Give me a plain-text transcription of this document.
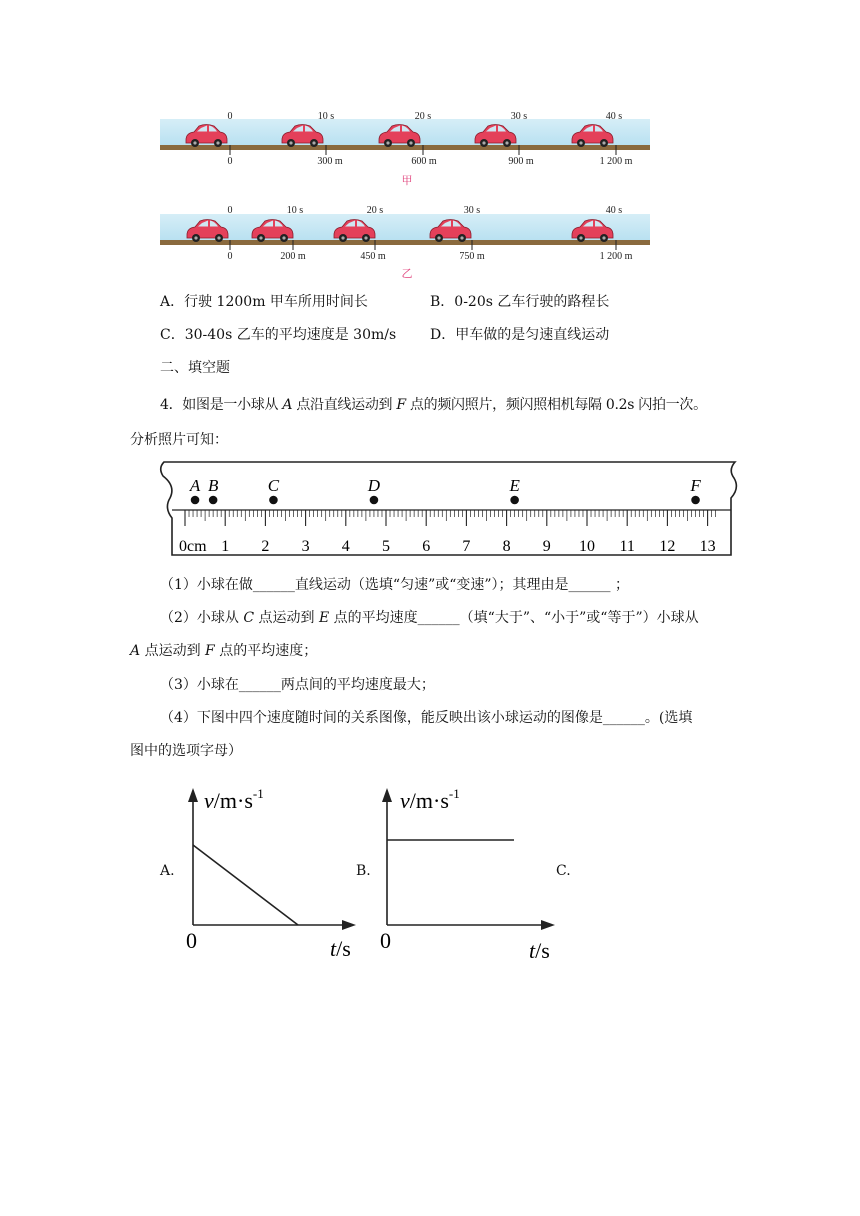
0	10 s	20 s	30 s	40 s
0	300 m	600 m	900 m	1 200 m
甲
0	10 s	20 s	30 s	40 s
0	200 m	450 m	750 m	1 200 m
乙
A．行驶 1200m 甲车所用时间长	B．0-20s 乙车行驶的路程长
C．30-40s 乙车的平均速度是 30m/s D．甲车做的是匀速直线运动
二、填空题
4．如图是一小球从 A 点沿直线运动到 F 点的频闪照片，频闪照相机每隔 0.2s 闪拍一次。
分析照片可知：
A B	C	D	E	F
0cm 1 2 3 4 5 6 7 8 9 10 11 12 13
（1）小球在做______直线运动（选填“匀速”或“变速”）；其理由是______ ；
（2）小球从 C 点运动到 E 点的平均速度______（填“大于”、“小于”或“等于”）小球从
A 点运动到 F 点的平均速度；
（3）小球在______两点间的平均速度最大；
（4）下图中四个速度随时间的关系图像，能反映出该小球运动的图像是______。(选填
图中的选项字母）
A.	B.	C.
$v/m\cdot s^{-1}$
0	t/s
$v/m\cdot s^{-1}$
0	t/s
